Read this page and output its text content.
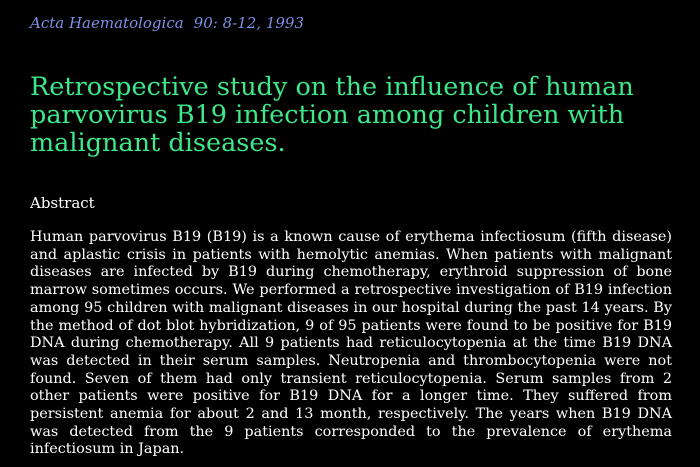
Acta Haematologica 90: 8-12, 1993
Retrospective study on the influence of human parvovirus B19 infection among children with malignant diseases.
Abstract
Human parvovirus B19 (B19) is a known cause of erythema infectiosum (fifth disease) and aplastic crisis in patients with hemolytic anemias. When patients with malignant diseases are infected by B19 during chemotherapy, erythroid suppression of bone marrow sometimes occurs. We performed a retrospective investigation of B19 infection among 95 children with malignant diseases in our hospital during the past 14 years. By the method of dot blot hybridization, 9 of 95 patients were found to be positive for B19 DNA during chemotherapy. All 9 patients had reticulocytopenia at the time B19 DNA was detected in their serum samples. Neutropenia and thrombocytopenia were not found. Seven of them had only transient reticulocytopenia. Serum samples from 2 other patients were positive for B19 DNA for a longer time. They suffered from persistent anemia for about 2 and 13 month, respectively. The years when B19 DNA was detected from the 9 patients corresponded to the prevalence of erythema infectiosum in Japan.
